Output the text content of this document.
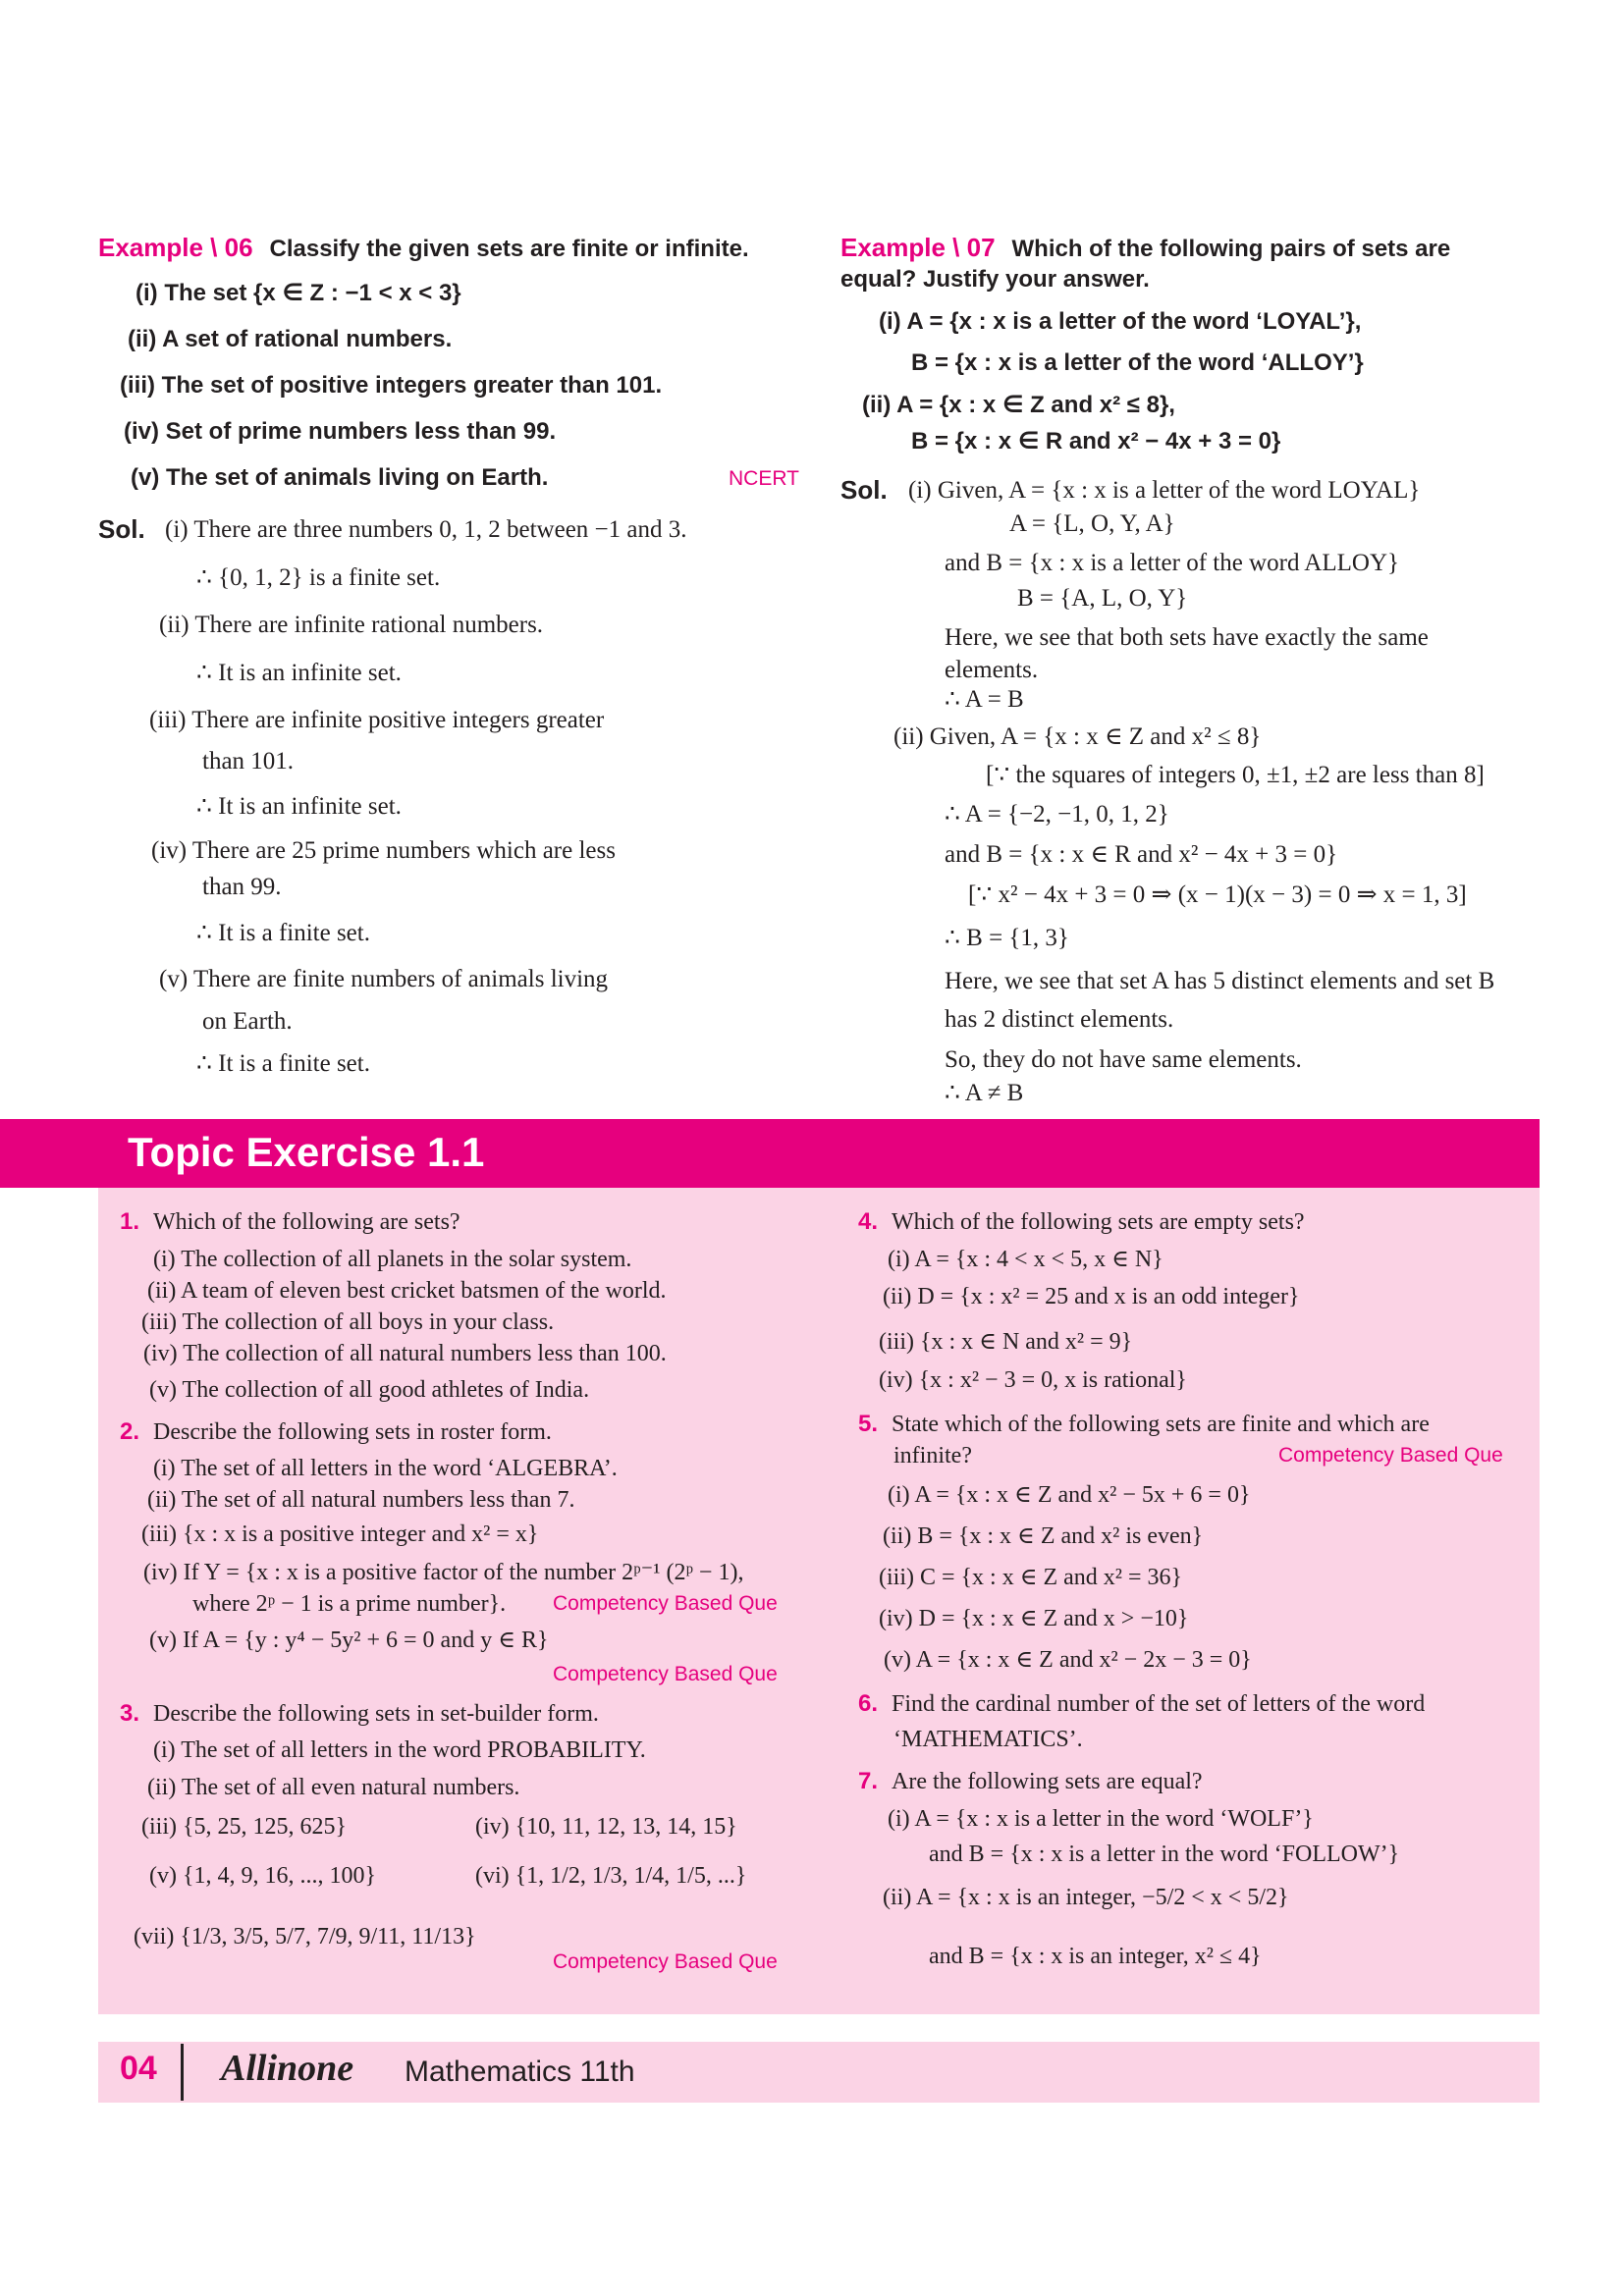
Example \ 06 Classify the given sets are finite or infinite.
(i) The set {x ∈ Z : −1 < x < 3}
(ii) A set of rational numbers.
(iii) The set of positive integers greater than 101.
(iv) Set of prime numbers less than 99.
(v) The set of animals living on Earth.	NCERT
Sol. (i) There are three numbers 0, 1, 2 between −1 and 3.
∴ {0, 1, 2} is a finite set.
(ii) There are infinite rational numbers.
∴ It is an infinite set.
(iii) There are infinite positive integers greater
than 101.
∴ It is an infinite set.
(iv) There are 25 prime numbers which are less
than 99.
∴ It is a finite set.
(v) There are finite numbers of animals living
on Earth.
∴ It is a finite set.
Example \ 07 Which of the following pairs of sets are
equal? Justify your answer.
(i) A = {x : x is a letter of the word ‘LOYAL’},
B = {x : x is a letter of the word ‘ALLOY’}
(ii) A = {x : x ∈ Z and x² ≤ 8},
B = {x : x ∈ R and x² − 4x + 3 = 0}
Sol. (i) Given, A = {x : x is a letter of the word LOYAL}
A = {L, O, Y, A}
and B = {x : x is a letter of the word ALLOY}
B = {A, L, O, Y}
Here, we see that both sets have exactly the same
elements.
∴ A = B
(ii) Given, A = {x : x ∈ Z and x² ≤ 8}
[∵ the squares of integers 0, ±1, ±2 are less than 8]
∴ A = {−2, −1, 0, 1, 2}
and B = {x : x ∈ R and x² − 4x + 3 = 0}
[∵ x² − 4x + 3 = 0 ⇒ (x − 1)(x − 3) = 0 ⇒ x = 1, 3]
∴ B = {1, 3}
Here, we see that set A has 5 distinct elements and set B
has 2 distinct elements.
So, they do not have same elements.
∴ A ≠ B
Topic Exercise 1.1
1. Which of the following are sets?
(i) The collection of all planets in the solar system.
(ii) A team of eleven best cricket batsmen of the world.
(iii) The collection of all boys in your class.
(iv) The collection of all natural numbers less than 100.
(v) The collection of all good athletes of India.
2. Describe the following sets in roster form.
(i) The set of all letters in the word ‘ALGEBRA’.
(ii) The set of all natural numbers less than 7.
(iii) {x : x is a positive integer and x² = x}
(iv) If Y = {x : x is a positive factor of the number 2ᵖ⁻¹ (2ᵖ − 1),
where 2ᵖ − 1 is a prime number}. Competency Based Que
(v) If A = {y : y⁴ − 5y² + 6 = 0 and y ∈ R}
Competency Based Que
3. Describe the following sets in set-builder form.
(i) The set of all letters in the word PROBABILITY.
(ii) The set of all even natural numbers.
(iii) {5, 25, 125, 625}	(iv) {10, 11, 12, 13, 14, 15}
(v) {1, 4, 9, 16, ..., 100}	(vi) {1, 1/2, 1/3, 1/4, 1/5, ...}
(vii) {1/3, 3/5, 5/7, 7/9, 9/11, 11/13}
Competency Based Que
4. Which of the following sets are empty sets?
(i) A = {x : 4 < x < 5, x ∈ N}
(ii) D = {x : x² = 25 and x is an odd integer}
(iii) {x : x ∈ N and x² = 9}
(iv) {x : x² − 3 = 0, x is rational}
5. State which of the following sets are finite and which are
infinite?	Competency Based Que
(i) A = {x : x ∈ Z and x² − 5x + 6 = 0}
(ii) B = {x : x ∈ Z and x² is even}
(iii) C = {x : x ∈ Z and x² = 36}
(iv) D = {x : x ∈ Z and x > −10}
(v) A = {x : x ∈ Z and x² − 2x − 3 = 0}
6. Find the cardinal number of the set of letters of the word
‘MATHEMATICS’.
7. Are the following sets are equal?
(i) A = {x : x is a letter in the word ‘WOLF’}
and B = {x : x is a letter in the word ‘FOLLOW’}
(ii) A = {x : x is an integer, −5/2 < x < 5/2}
and B = {x : x is an integer, x² ≤ 4}
04 Allinone Mathematics 11th
